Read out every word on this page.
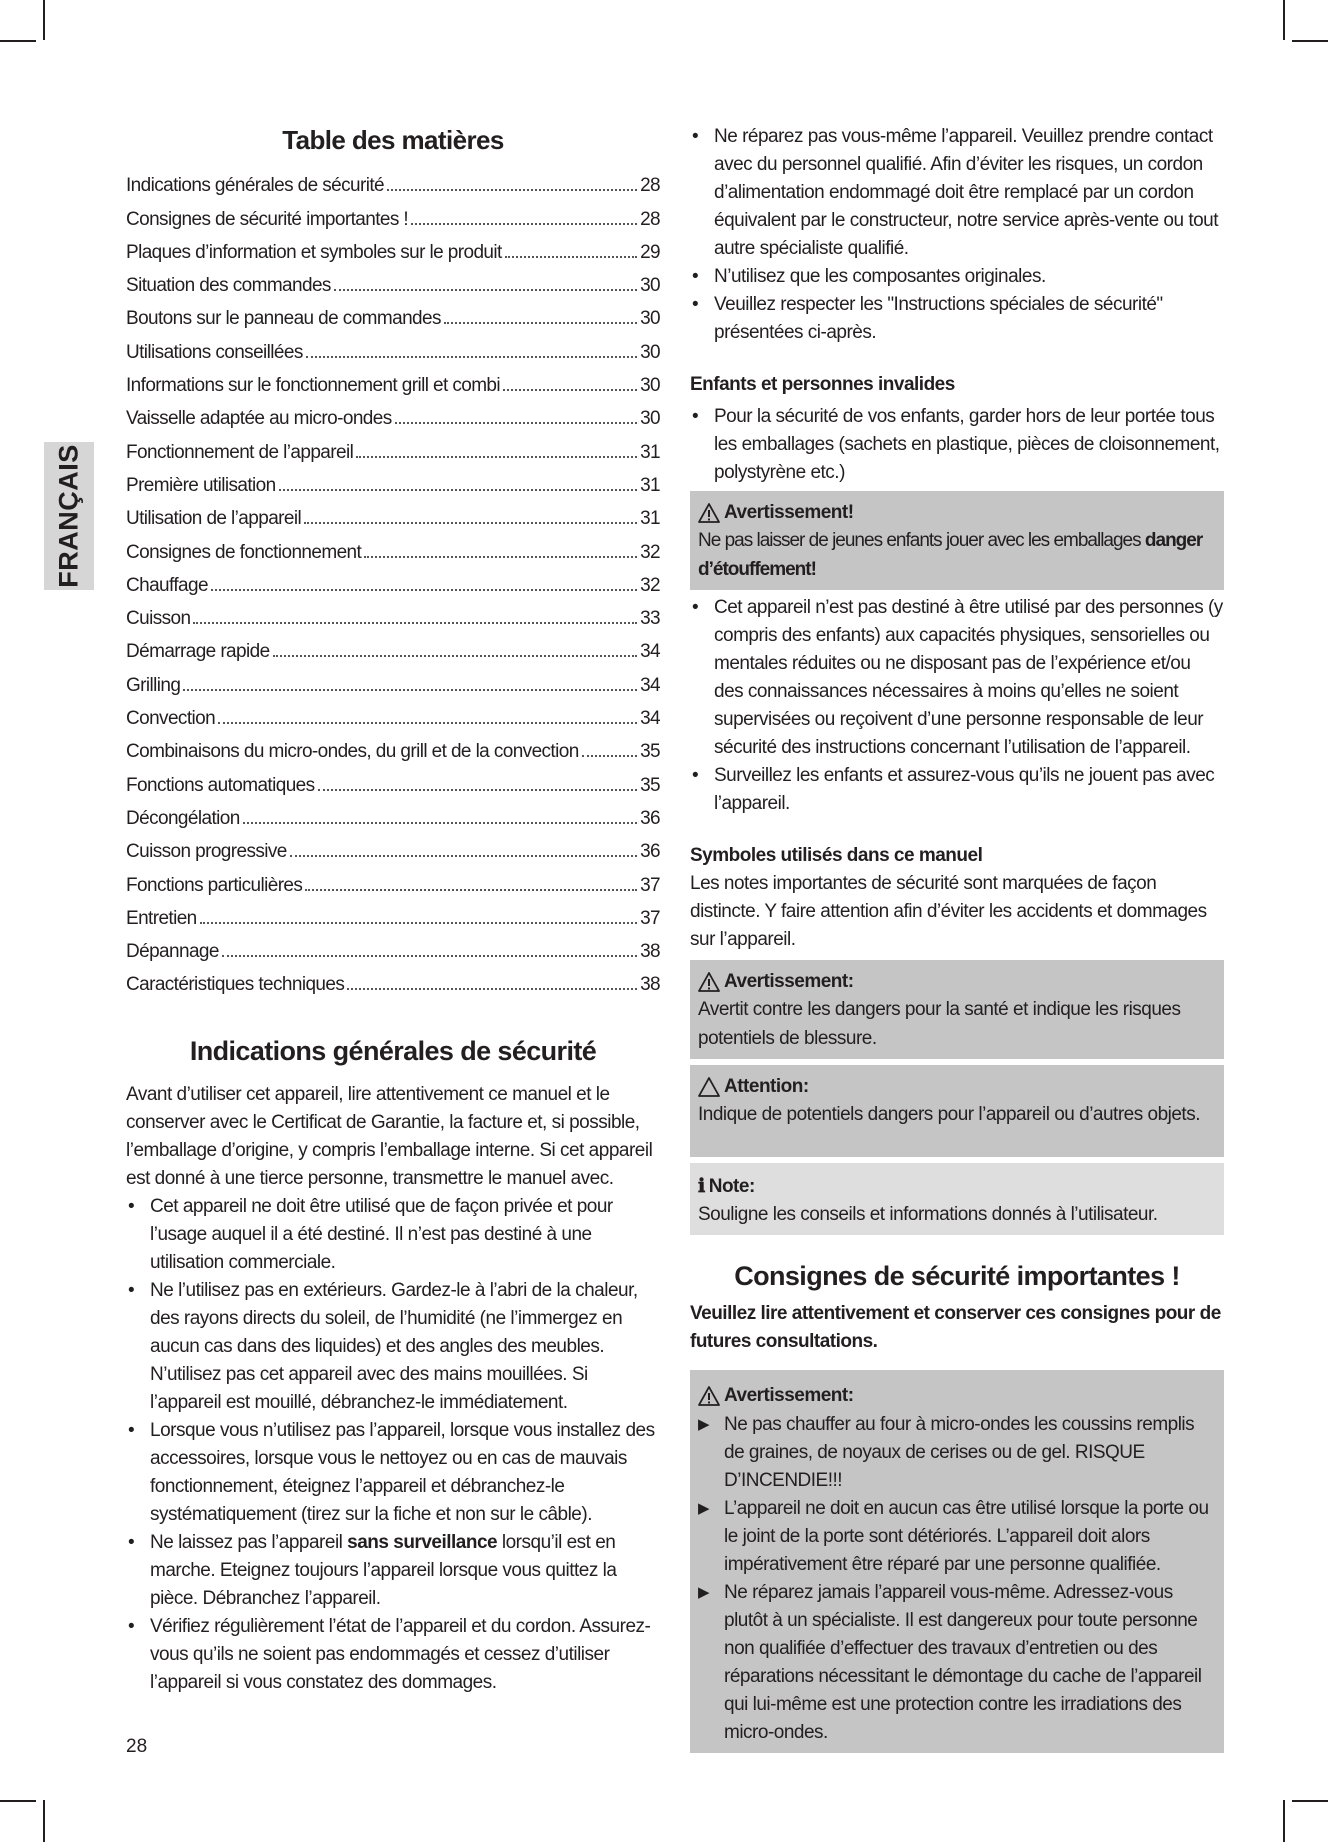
FRANÇAIS
Table des matières
Indications générales de sécurité	28
Consignes de sécurité importantes !	28
Plaques d’information et symboles sur le produit	29
Situation des commandes	30
Boutons sur le panneau de commandes	30
Utilisations conseillées	30
Informations sur le fonctionnement grill et combi	30
Vaisselle adaptée au micro-ondes	30
Fonctionnement de l’appareil	31
Première utilisation	31
Utilisation de l’appareil	31
Consignes de fonctionnement	32
Chauffage	32
Cuisson	33
Démarrage rapide	34
Grilling	34
Convection	34
Combinaisons du micro-ondes, du grill et de la convection	35
Fonctions automatiques	35
Décongélation	36
Cuisson progressive	36
Fonctions particulières	37
Entretien	37
Dépannage	38
Caractéristiques techniques	38
Indications générales de sécurité

Avant d’utiliser cet appareil, lire attentivement ce manuel et le conserver avec le Certificat de Garantie, la facture et, si possible, l’emballage d’origine, y compris l’emballage interne. Si cet appareil est donné à une tierce personne, transmettre le manuel avec.

• Cet appareil ne doit être utilisé que de façon privée et pour l’usage auquel il a été destiné. Il n’est pas destiné à une utilisation commerciale.
• Ne l’utilisez pas en extérieurs. Gardez-le à l’abri de la chaleur, des rayons directs du soleil, de l’humidité (ne l’immergez en aucun cas dans des liquides) et des angles des meubles. N’utilisez pas cet appareil avec des mains mouillées. Si l’appareil est mouillé, débranchez-le immédiatement.
• Lorsque vous n’utilisez pas l’appareil, lorsque vous installez des accessoires, lorsque vous le nettoyez ou en cas de mauvais fonctionnement, éteignez l’appareil et débranchez-le systématiquement (tirez sur la fiche et non sur le câble).
• Ne laissez pas l’appareil sans surveillance lorsqu’il est en marche. Eteignez toujours l’appareil lorsque vous quittez la pièce. Débranchez l’appareil.
• Vérifiez régulièrement l’état de l’appareil et du cordon. Assurez-vous qu’ils ne soient pas endommagés et cessez d’utiliser l’appareil si vous constatez des dommages.
• Ne réparez pas vous-même l’appareil. Veuillez prendre contact avec du personnel qualifié. Afin d’éviter les risques, un cordon d’alimentation endommagé doit être remplacé par un cordon équivalent par le constructeur, notre service après-vente ou tout autre spécialiste qualifié.
• N’utilisez que les composantes originales.
• Veuillez respecter les "Instructions spéciales de sécurité" présentées ci-après.
Enfants et personnes invalides
• Pour la sécurité de vos enfants, garder hors de leur portée tous les emballages (sachets en plastique, pièces de cloisonnement, polystyrène etc.)
Avertissement!
Ne pas laisser de jeunes enfants jouer avec les emballages danger d’étouffement!
• Cet appareil n’est pas destiné à être utilisé par des personnes (y compris des enfants) aux capacités physiques, sensorielles ou mentales réduites ou ne disposant pas de l’expérience et/ou des connaissances nécessaires à moins qu’elles ne soient supervisées ou reçoivent d’une personne responsable de leur sécurité des instructions concernant l’utilisation de l’appareil.
• Surveillez les enfants et assurez-vous qu’ils ne jouent pas avec l’appareil.
Symboles utilisés dans ce manuel

Les notes importantes de sécurité sont marquées de façon distincte. Y faire attention afin d’éviter les accidents et dommages sur l’appareil.

Avertissement:
Avertit contre les dangers pour la santé et indique les risques potentiels de blessure.
Attention:
Indique de potentiels dangers pour l’appareil ou d’autres objets.
ℹ Note:
Souligne les conseils et informations donnés à l’utilisateur.
Consignes de sécurité importantes !
Veuillez lire attentivement et conserver ces consignes pour de futures consultations.
Avertissement:
▶ Ne pas chauffer au four à micro-ondes les coussins remplis de graines, de noyaux de cerises ou de gel. RISQUE D’INCENDIE!!!
▶ L’appareil ne doit en aucun cas être utilisé lorsque la porte ou le joint de la porte sont détériorés. L’appareil doit alors impérativement être réparé par une personne qualifiée.
▶ Ne réparez jamais l’appareil vous-même. Adressez-vous plutôt à un spécialiste. Il est dangereux pour toute personne non qualifiée d’effectuer des travaux d’entretien ou des réparations nécessitant le démontage du cache de l’appareil qui lui-même est une protection contre les irradiations des micro-ondes.
28
